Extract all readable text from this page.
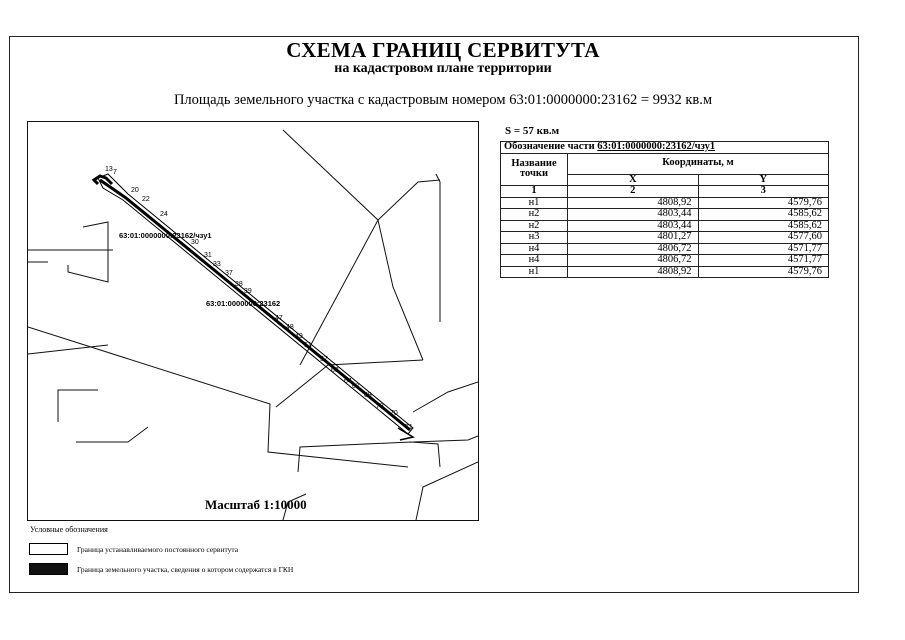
СХЕМА ГРАНИЦ СЕРВИТУТА
на кадастровом плане территории
Площадь земельного участка с кадастровым номером 63:01:0000000:23162 = 9932 кв.м
13 7
20
22
24
30
31
33
37
38
39
47
48
49
51
57
63
64
67
69
78
70
71
63:01:0000000:23162/чзу1
63:01:0000000:23162
Масштаб 1:10000
S = 57 кв.м
Обозначение части 63:01:0000000:23162/чзу1		
Название точки	Координаты, м	
	X	Y
1	2	3
н1	4808,92	4579,76
н2	4803,44	4585,62
н2	4803,44	4585,62
н3	4801,27	4577,60
н4	4806,72	4571,77
н4	4806,72	4571,77
н1	4808,92	4579,76
Условные обозначения
Граница устанавливаемого постоянного сервитута
Граница земельного участка, сведения о котором содержатся в ГКН
